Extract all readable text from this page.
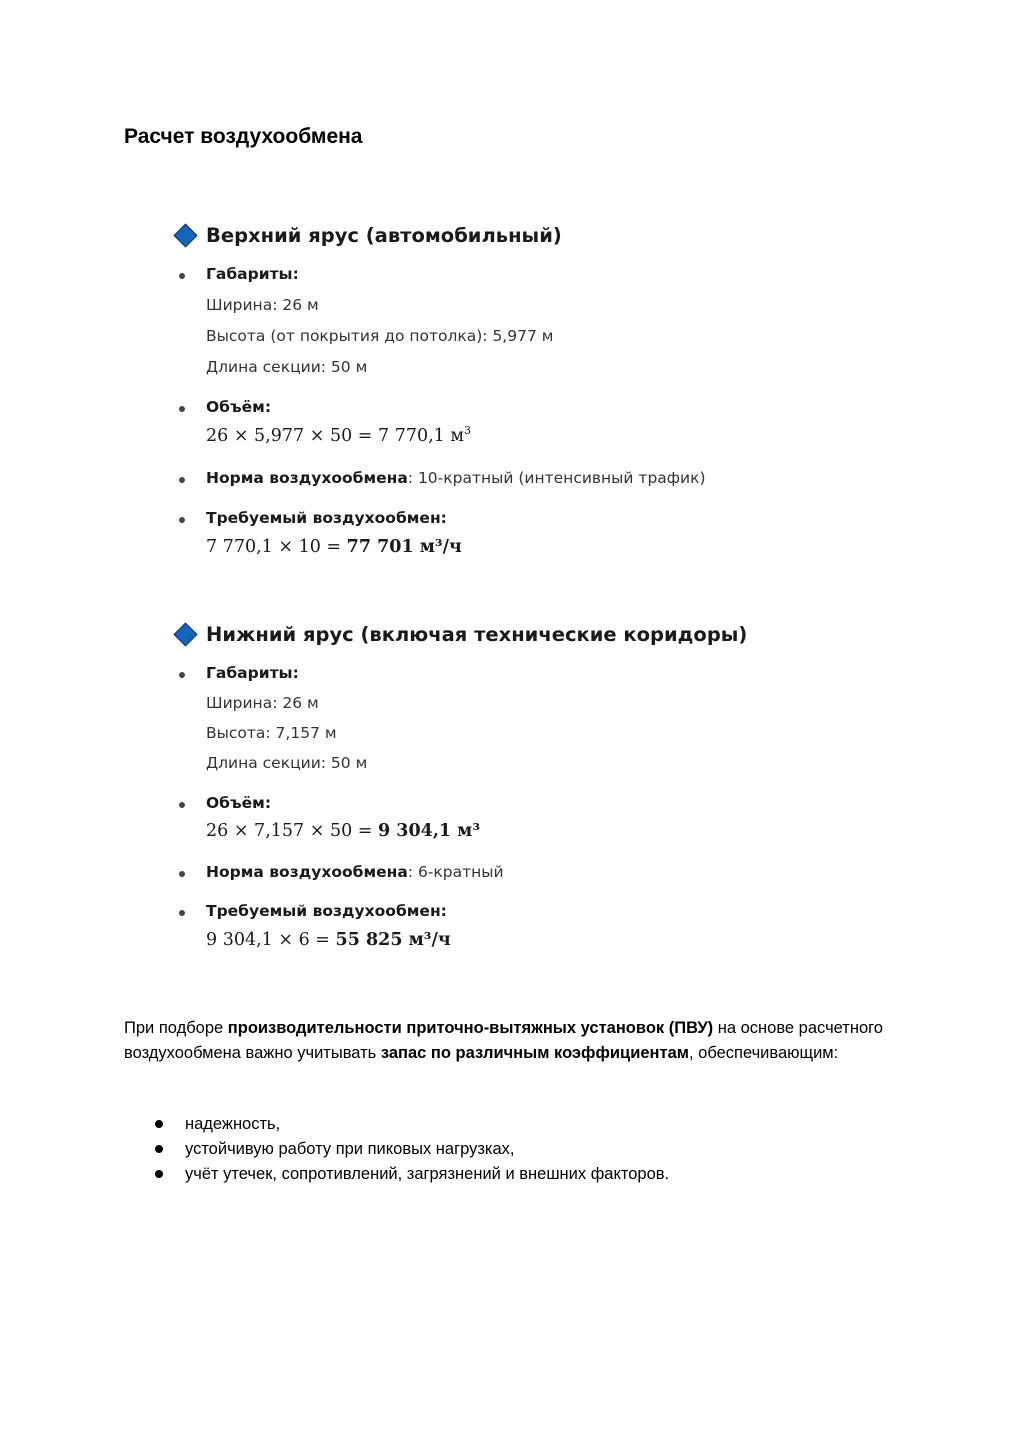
Расчет воздухообмена
Верхний ярус (автомобильный)
Габариты:
Ширина: 26 м
Высота (от покрытия до потолка): 5,977 м
Длина секции: 50 м
Объём:
26 × 5,977 × 50 = 7 770,1 $м^3$
Норма воздухообмена: 10-кратный (интенсивный трафик)
Требуемый воздухообмен:
7 770,1 × 10 = 77 701 м³/ч
Нижний ярус (включая технические коридоры)
Габариты:
Ширина: 26 м
Высота: 7,157 м
Длина секции: 50 м
Объём:
26 × 7,157 × 50 = 9 304,1 м³
Норма воздухообмена: 6-кратный
Требуемый воздухообмен:
9 304,1 × 6 = 55 825 м³/ч

При подборе производительности приточно-вытяжных установок (ПВУ) на основе расчетного воздухообмена важно учитывать запас по различным коэффициентам, обеспечивающим:

надежность,
устойчивую работу при пиковых нагрузках,
учёт утечек, сопротивлений, загрязнений и внешних факторов.
